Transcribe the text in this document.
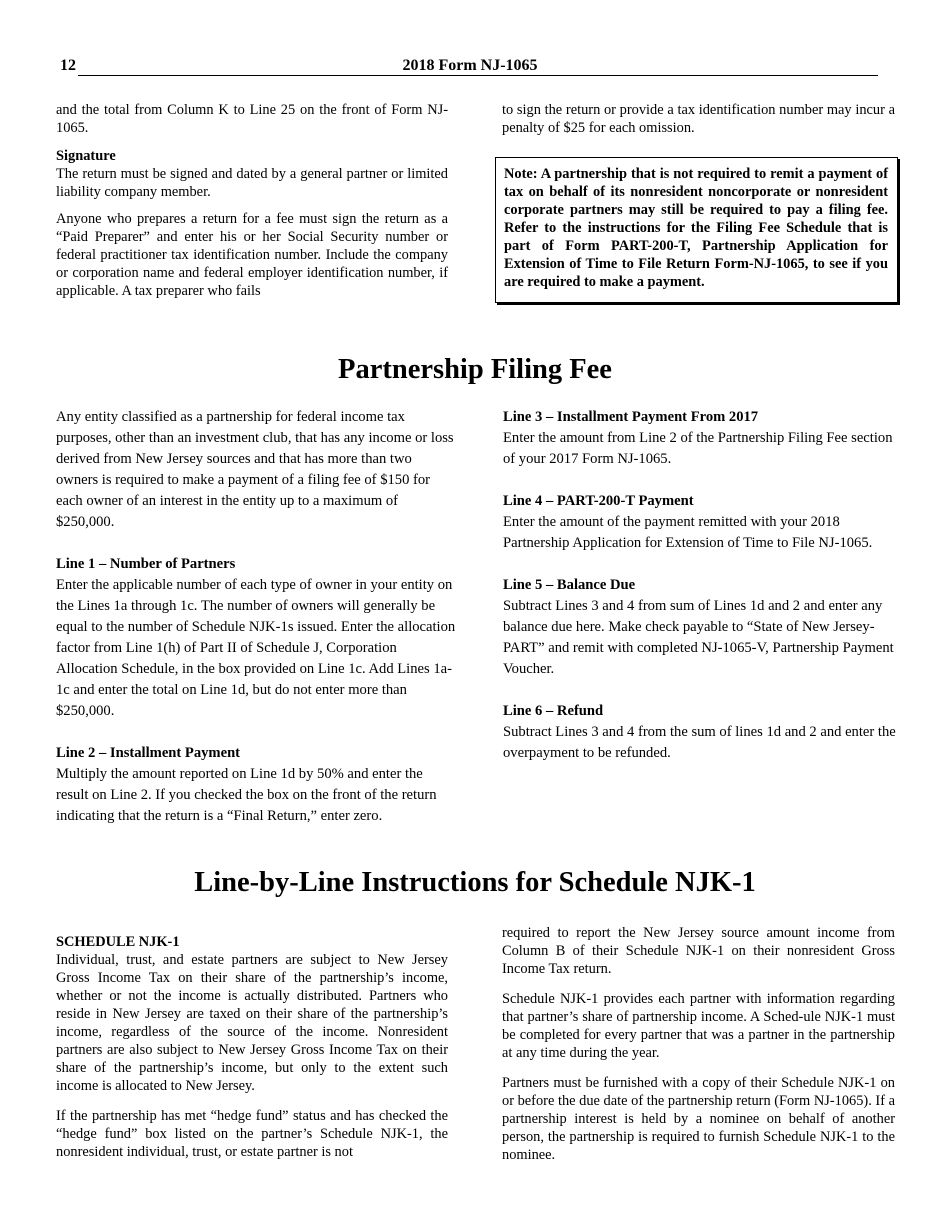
12	2018 Form NJ-1065

and the total from Column K to Line 25 on the front of Form NJ-1065.

Signature

The return must be signed and dated by a general partner or limited liability company member.

Anyone who prepares a return for a fee must sign the return as a “Paid Preparer” and enter his or her Social Security number or federal practitioner tax identification number. Include the company or corporation name and federal employer identification number, if applicable. A tax preparer who fails

to sign the return or provide a tax identification number may incur a penalty of $25 for each omission.

Note: A partnership that is not required to remit a payment of tax on behalf of its nonresident noncorporate or nonresident corporate partners may still be required to pay a filing fee. Refer to the instructions for the Filing Fee Schedule that is part of Form PART-200-T, Partnership Application for Extension of Time to File Return Form-NJ-1065, to see if you are required to make a payment.
Partnership Filing Fee
Any entity classified as a partnership for federal income tax purposes, other than an investment club, that has any income or loss derived from New Jersey sources and that has more than two owners is required to make a payment of a filing fee of $150 for each owner of an interest in the entity up to a maximum of $250,000.
Line 1 – Number of Partners
Enter the applicable number of each type of owner in your entity on the Lines 1a through 1c. The number of owners will generally be equal to the number of Schedule NJK-1s issued. Enter the allocation factor from Line 1(h) of Part II of Schedule J, Corporation Allocation Schedule, in the box provided on Line 1c. Add Lines 1a-1c and enter the total on Line 1d, but do not enter more than $250,000.
Line 2 – Installment Payment
Multiply the amount reported on Line 1d by 50% and enter the result on Line 2. If you checked the box on the front of the return indicating that the return is a “Final Return,” enter zero.
Line 3 – Installment Payment From 2017
Enter the amount from Line 2 of the Partnership Filing Fee section of your 2017 Form NJ-1065.
Line 4 – PART-200-T Payment
Enter the amount of the payment remitted with your 2018 Partnership Application for Extension of Time to File NJ-1065.
Line 5 – Balance Due
Subtract Lines 3 and 4 from sum of Lines 1d and 2 and enter any balance due here. Make check payable to “State of New Jersey-PART” and remit with completed NJ-1065-V, Partnership Payment Voucher.
Line 6 – Refund
Subtract Lines 3 and 4 from the sum of lines 1d and 2 and enter the overpayment to be refunded.
Line-by-Line Instructions for Schedule NJK-1

SCHEDULE NJK-1

Individual, trust, and estate partners are subject to New Jersey Gross Income Tax on their share of the partnership’s income, whether or not the income is actually distributed. Partners who reside in New Jersey are taxed on their share of the partnership’s income, regardless of the source of the income. Nonresident partners are also subject to New Jersey Gross Income Tax on their share of the partnership’s income, but only to the extent such income is allocated to New Jersey.

If the partnership has met “hedge fund” status and has checked the “hedge fund” box listed on the partner’s Schedule NJK-1, the nonresident individual, trust, or estate partner is not

required to report the New Jersey source amount income from Column B of their Schedule NJK-1 on their nonresident Gross Income Tax return.

Schedule NJK-1 provides each partner with information regarding that partner’s share of partnership income. A Sched-ule NJK-1 must be completed for every partner that was a partner in the partnership at any time during the year.

Partners must be furnished with a copy of their Schedule NJK-1 on or before the due date of the partnership return (Form NJ-1065). If a partnership interest is held by a nominee on behalf of another person, the partnership is required to furnish Schedule NJK-1 to the nominee.
